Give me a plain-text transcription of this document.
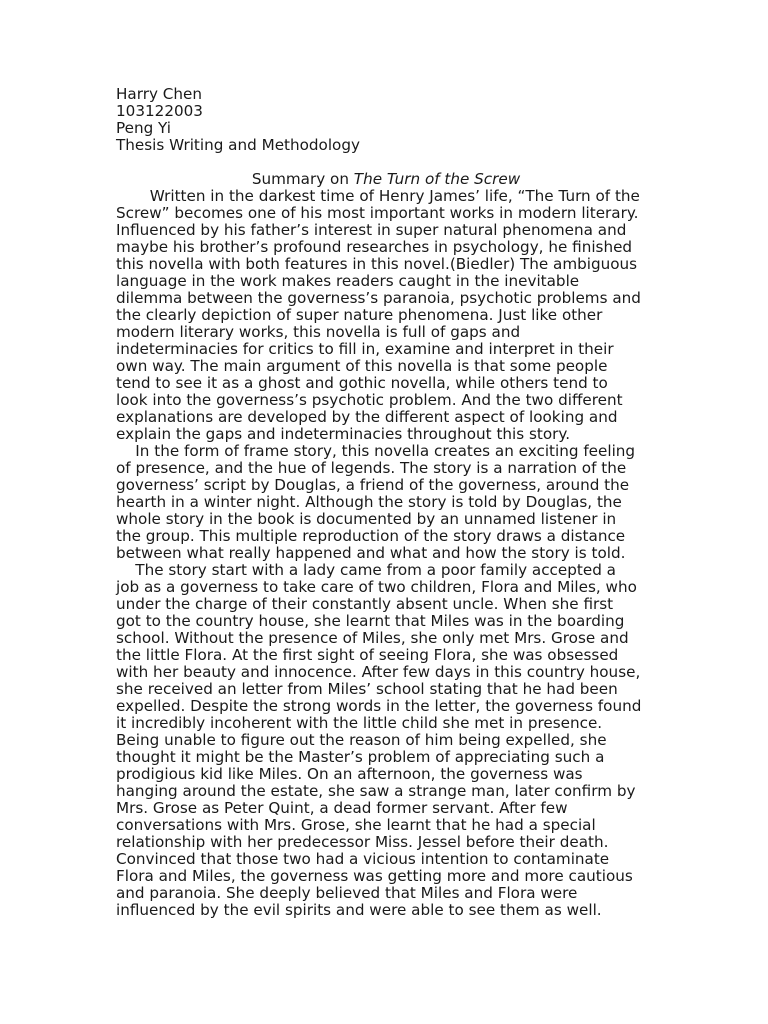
Harry Chen
103122003
Peng Yi
Thesis Writing and Methodology
Summary on The Turn of the Screw
Written in the darkest time of Henry James’ life, “The Turn of the
Screw” becomes one of his most important works in modern literary.
Influenced by his father’s interest in super natural phenomena and
maybe his brother’s profound researches in psychology, he finished
this novella with both features in this novel.(Biedler) The ambiguous
language in the work makes readers caught in the inevitable
dilemma between the governess’s paranoia, psychotic problems and
the clearly depiction of super nature phenomena. Just like other
modern literary works, this novella is full of gaps and
indeterminacies for critics to fill in, examine and interpret in their
own way. The main argument of this novella is that some people
tend to see it as a ghost and gothic novella, while others tend to
look into the governess’s psychotic problem. And the two different
explanations are developed by the different aspect of looking and
explain the gaps and indeterminacies throughout this story.
In the form of frame story, this novella creates an exciting feeling
of presence, and the hue of legends. The story is a narration of the
governess’ script by Douglas, a friend of the governess, around the
hearth in a winter night. Although the story is told by Douglas, the
whole story in the book is documented by an unnamed listener in
the group. This multiple reproduction of the story draws a distance
between what really happened and what and how the story is told.
The story start with a lady came from a poor family accepted a
job as a governess to take care of two children, Flora and Miles, who
under the charge of their constantly absent uncle. When she first
got to the country house, she learnt that Miles was in the boarding
school. Without the presence of Miles, she only met Mrs. Grose and
the little Flora. At the first sight of seeing Flora, she was obsessed
with her beauty and innocence. After few days in this country house,
she received an letter from Miles’ school stating that he had been
expelled. Despite the strong words in the letter, the governess found
it incredibly incoherent with the little child she met in presence.
Being unable to figure out the reason of him being expelled, she
thought it might be the Master’s problem of appreciating such a
prodigious kid like Miles. On an afternoon, the governess was
hanging around the estate, she saw a strange man, later confirm by
Mrs. Grose as Peter Quint, a dead former servant. After few
conversations with Mrs. Grose, she learnt that he had a special
relationship with her predecessor Miss. Jessel before their death.
Convinced that those two had a vicious intention to contaminate
Flora and Miles, the governess was getting more and more cautious
and paranoia. She deeply believed that Miles and Flora were
influenced by the evil spirits and were able to see them as well.
